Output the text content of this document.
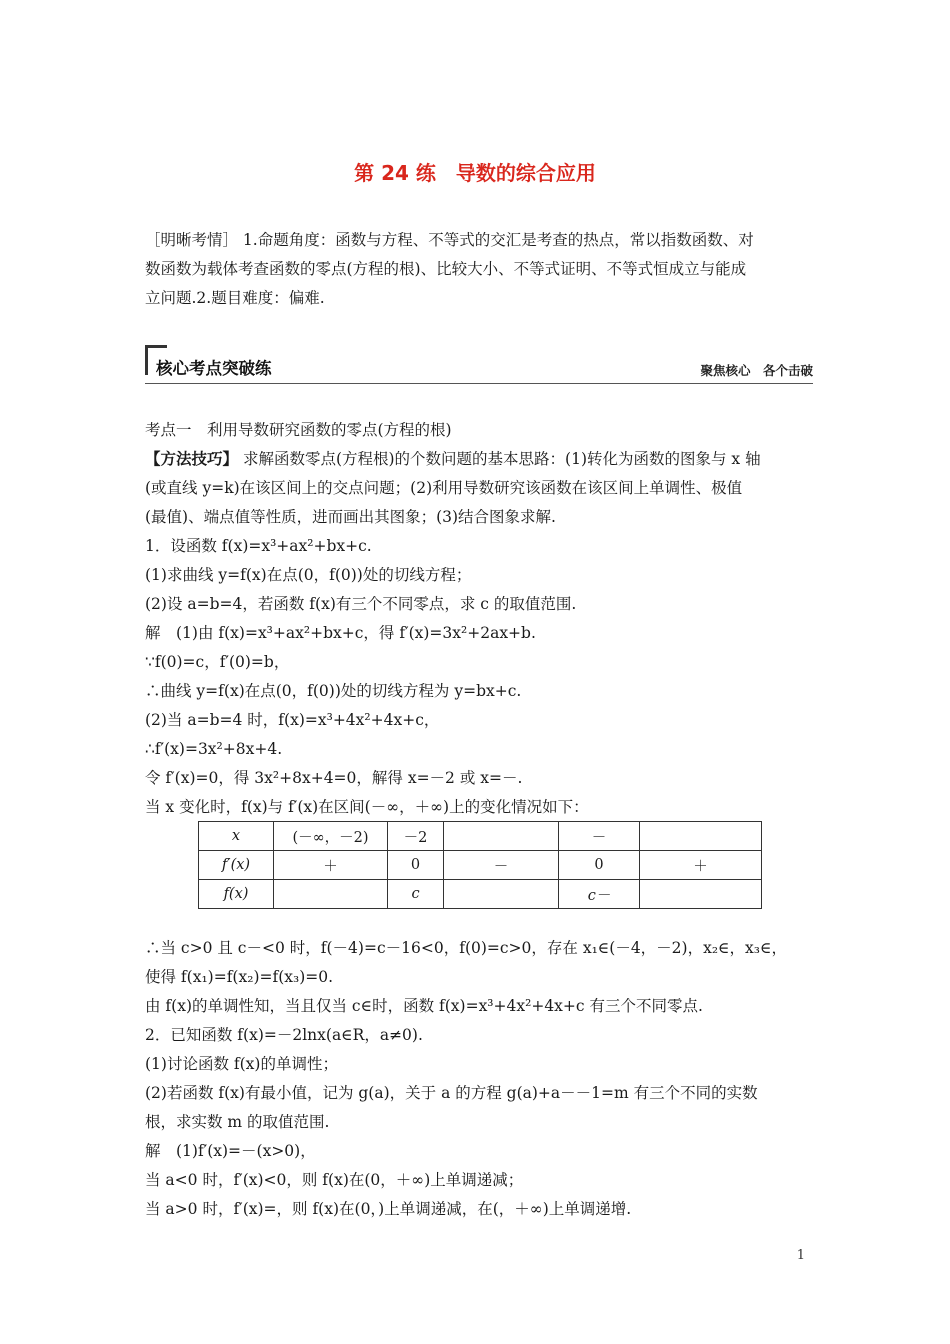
第 24 练　导数的综合应用
［明晰考情］ 1.命题角度：函数与方程、不等式的交汇是考查的热点，常以指数函数、对
数函数为载体考查函数的零点(方程的根)、比较大小、不等式证明、不等式恒成立与能成
立问题.2.题目难度：偏难.
核心考点突破练	聚焦核心　各个击破
考点一　利用导数研究函数的零点(方程的根)
【方法技巧】 求解函数零点(方程根)的个数问题的基本思路：(1)转化为函数的图象与 x 轴
(或直线 y=k)在该区间上的交点问题；(2)利用导数研究该函数在该区间上单调性、极值
(最值)、端点值等性质，进而画出其图象；(3)结合图象求解.
1．设函数 f(x)=x³+ax²+bx+c.
(1)求曲线 y=f(x)在点(0，f(0))处的切线方程；
(2)设 a=b=4，若函数 f(x)有三个不同零点，求 c 的取值范围.
解　(1)由 f(x)=x³+ax²+bx+c，得 f′(x)=3x²+2ax+b.
∵f(0)=c，f′(0)=b，
∴曲线 y=f(x)在点(0，f(0))处的切线方程为 y=bx+c.
(2)当 a=b=4 时，f(x)=x³+4x²+4x+c，
∴f′(x)=3x²+8x+4.
令 f′(x)=0，得 3x²+8x+4=0，解得 x=－2 或 x=－.
当 x 变化时，f(x)与 f′(x)在区间(－∞，＋∞)上的变化情况如下：
x	(－∞，－2)	－2		－	
f′(x)	＋	0	－	0	＋
f(x)		c		c－	
∴当 c>0 且 c－<0 时，f(－4)=c－16<0，f(0)=c>0，存在 x₁∈(－4，－2)，x₂∈，x₃∈，
使得 f(x₁)=f(x₂)=f(x₃)=0.
由 f(x)的单调性知，当且仅当 c∈时，函数 f(x)=x³+4x²+4x+c 有三个不同零点.
2．已知函数 f(x)=－2lnx(a∈R，a≠0).
(1)讨论函数 f(x)的单调性；
(2)若函数 f(x)有最小值，记为 g(a)，关于 a 的方程 g(a)+a－－1=m 有三个不同的实数
根，求实数 m 的取值范围.
解　(1)f′(x)=－(x>0)，
当 a<0 时，f′(x)<0，则 f(x)在(0，＋∞)上单调递减；
当 a>0 时，f′(x)=，则 f(x)在(0，)上单调递减，在(，＋∞)上单调递增.
1
